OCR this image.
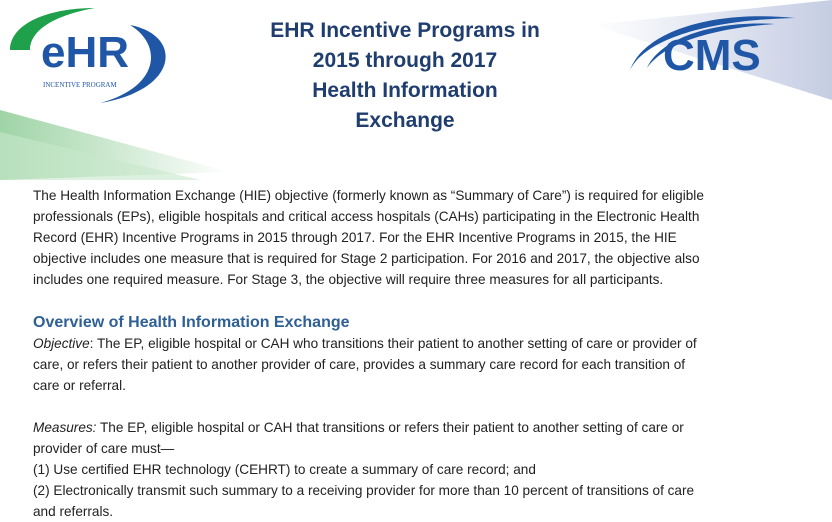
eHR
INCENTIVE PROGRAM
CMS
EHR Incentive Programs in
2015 through 2017
Health Information
Exchange

The Health Information Exchange (HIE) objective (formerly known as “Summary of Care”) is required for eligible
professionals (EPs), eligible hospitals and critical access hospitals (CAHs) participating in the Electronic Health
Record (EHR) Incentive Programs in 2015 through 2017. For the EHR Incentive Programs in 2015, the HIE
objective includes one measure that is required for Stage 2 participation. For 2016 and 2017, the objective also
includes one required measure. For Stage 3, the objective will require three measures for all participants.

Overview of Health Information Exchange

Objective: The EP, eligible hospital or CAH who transitions their patient to another setting of care or provider of
care, or refers their patient to another provider of care, provides a summary care record for each transition of
care or referral.

Measures: The EP, eligible hospital or CAH that transitions or refers their patient to another setting of care or
provider of care must—
(1) Use certified EHR technology (CEHRT) to create a summary of care record; and
(2) Electronically transmit such summary to a receiving provider for more than 10 percent of transitions of care
and referrals.
